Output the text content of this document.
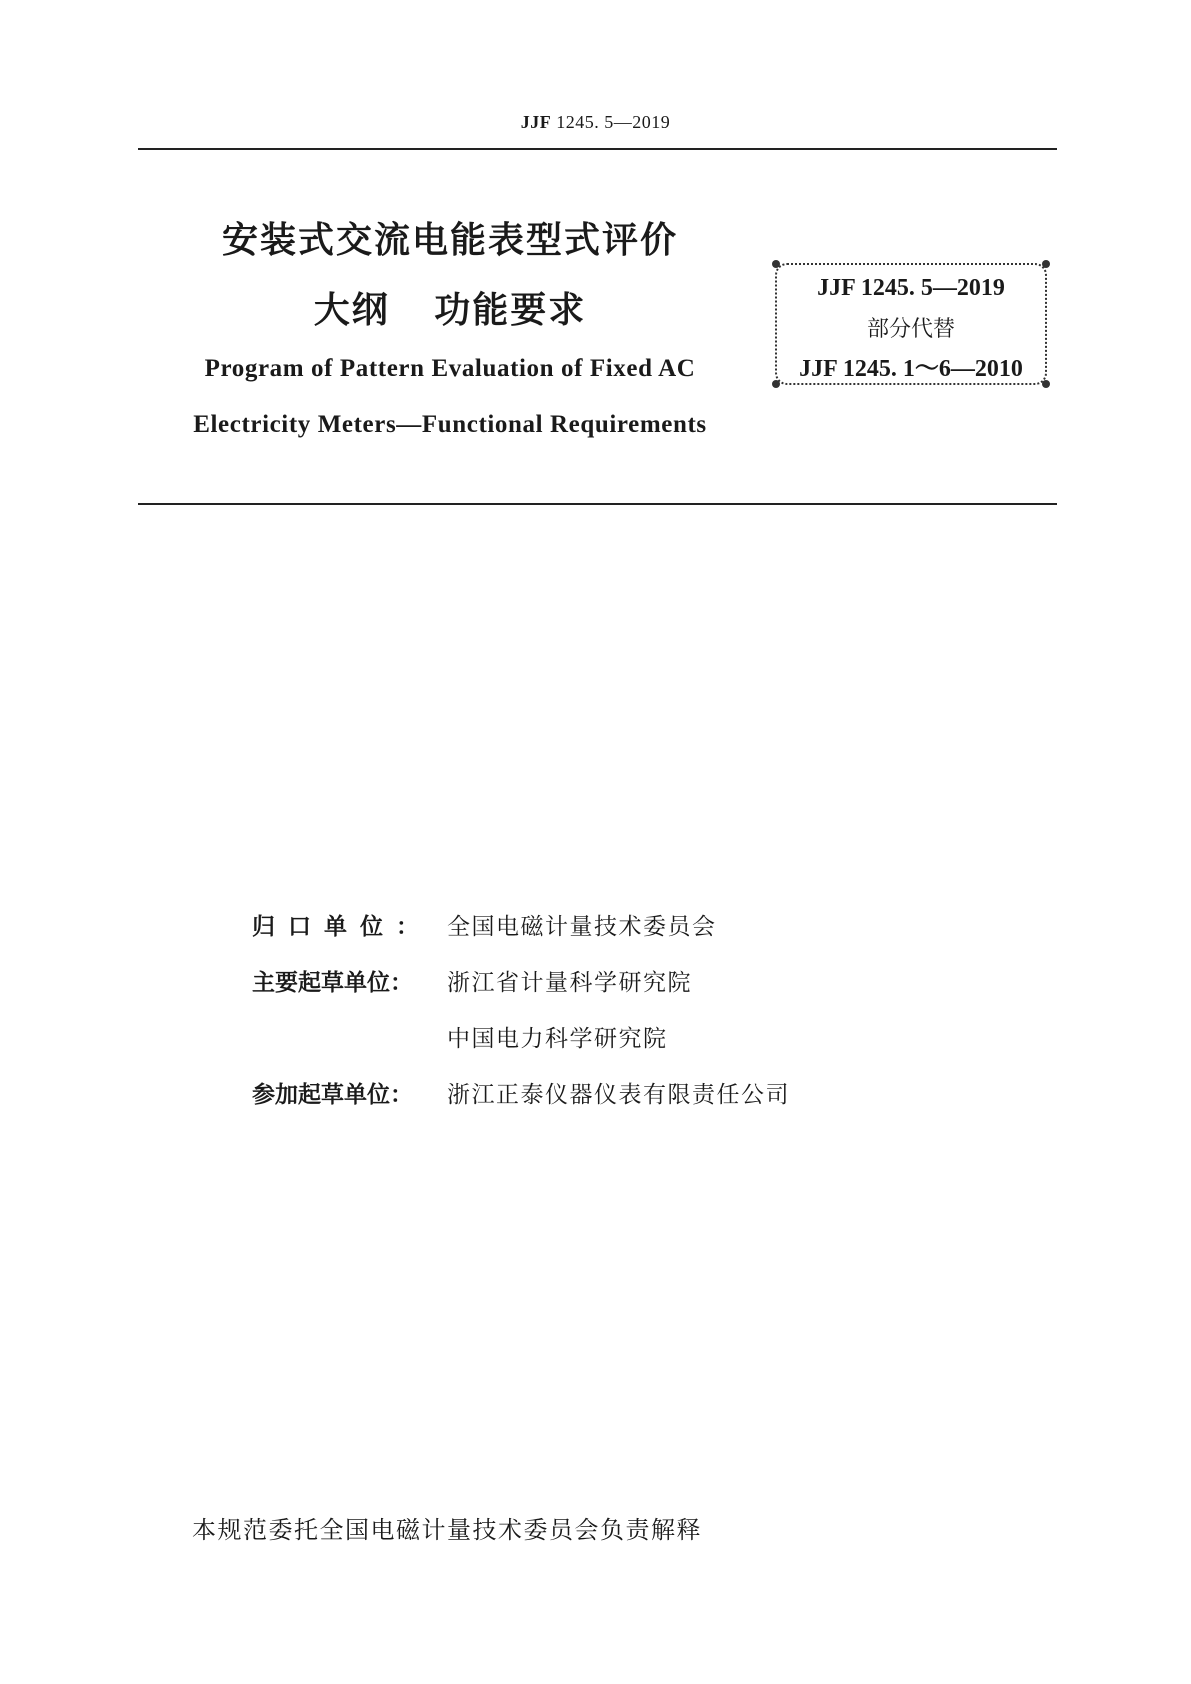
JJF 1245. 5—2019
安装式交流电能表型式评价
大纲 功能要求
Program of Pattern Evaluation of Fixed AC
Electricity Meters—Functional Requirements
JJF 1245. 5—2019
部分代替
JJF 1245. 1～6—2010
归口单位： 全国电磁计量技术委员会
主要起草单位： 浙江省计量科学研究院
中国电力科学研究院
参加起草单位： 浙江正泰仪器仪表有限责任公司
本规范委托全国电磁计量技术委员会负责解释
